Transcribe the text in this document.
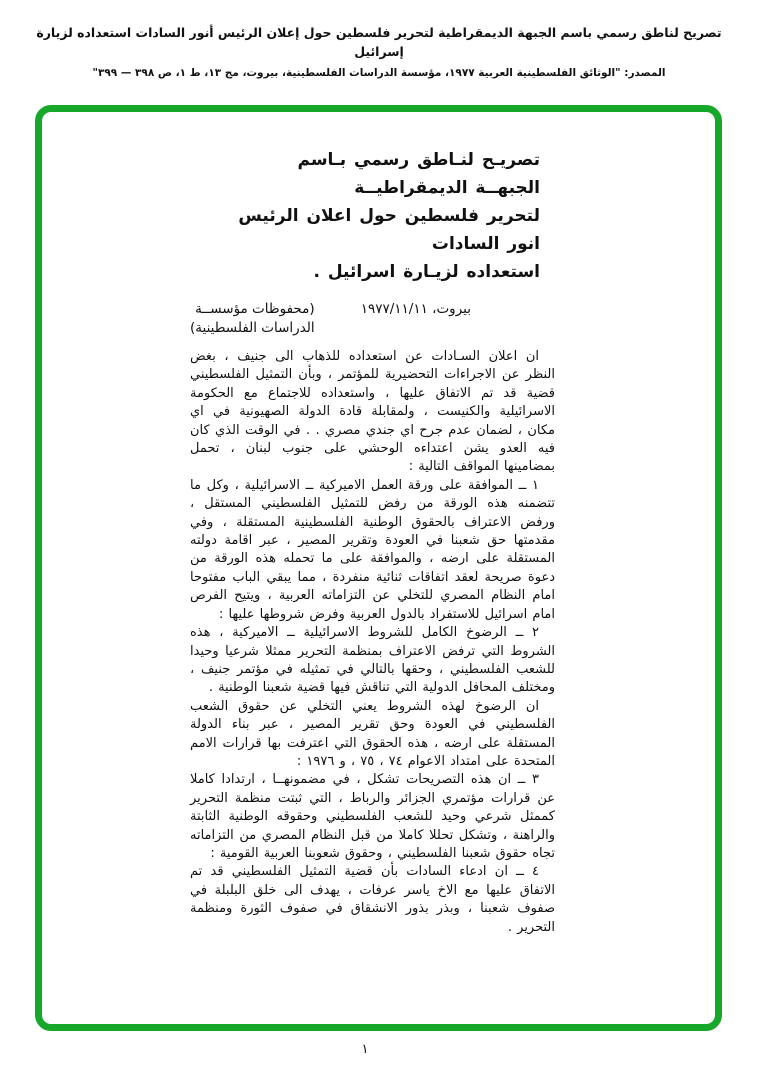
تصريح لناطق رسمي باسم الجبهة الديمقراطية لتحرير فلسطين حول إعلان الرئيس أنور السادات استعداده لزيارة إسرائيل
المصدر: "الوثائق الفلسطينية العربية ١٩٧٧، مؤسسة الدراسات الفلسطينية، بيروت، مج ١٣، ط ١، ص ٣٩٨ — ٣٩٩"
تصريـح لنـاطق رسمي بـاسم الجبهــة الديمقراطيــة
لتحرير فلسطين حول اعلان الرئيس انور السادات
استعداده لزيـارة اسرائيل .
بيروت، ١٩٧٧/١١/١١
(محفوظات مؤسســة
الدراسات الفلسطينية)

ان اعلان السـادات عن استعداده للذهاب الى جنيف ، بغض النظر عن الاجراءات التحضيرية للمؤتمر ، وبأن التمثيل الفلسطيني قضية قد تم الاتفاق عليها ، واستعداده للاجتماع مع الحكومة الاسرائيلية والكنيست ، ولمقابلة قادة الدولة الصهيونية في اي مكان ، لضمان عدم جرح اي جندي مصري . . في الوقت الذي كان فيه العدو يشن اعتداءه الوحشي على جنوب لبنان ، تحمل بمضامينها المواقف التالية :

١ ــ الموافقة على ورقة العمل الاميركية ــ الاسرائيلية ، وكل ما تتضمنه هذه الورقة من رفض للتمثيل الفلسطيني المستقل ، ورفض الاعتراف بالحقوق الوطنية الفلسطينية المستقلة ، وفي مقدمتها حق شعبنا في العودة وتقرير المصير ، عبر اقامة دولته المستقلة على ارضه ، والموافقة على ما تحمله هذه الورقة من دعوة صريحة لعقد اتفاقات ثنائية منفردة ، مما يبقي الباب مفتوحا امام النظام المصري للتخلي عن التزاماته العربية ، ويتيح الفرص امام اسرائيل للاستفراد بالدول العربية وفرض شروطها عليها :

٢ ــ الرضوخ الكامل للشروط الاسرائيلية ــ الاميركية ، هذه الشروط التي ترفض الاعتراف بمنظمة التحرير ممثلا شرعيا وحيدا للشعب الفلسطيني ، وحقها بالتالي في تمثيله في مؤتمر جنيف ، ومختلف المحافل الدولية التي تناقش فيها قضية شعبنا الوطنية .

ان الرضوخ لهذه الشروط يعني التخلي عن حقوق الشعب الفلسطيني في العودة وحق تقرير المصير ، عبر بناء الدولة المستقلة على ارضه ، هذه الحقوق التي اعترفت بها قرارات الامم المتحدة على امتداد الاعوام ٧٤ ، ٧٥ ، و ١٩٧٦ :

٣ ــ ان هذه التصريحات تشكل ، في مضمونهــا ، ارتدادا كاملا عن قرارات مؤتمري الجزائر والرباط ، التي ثبتت منظمة التحرير كممثل شرعي وحيد للشعب الفلسطيني وحقوقه الوطنية الثابتة والراهنة ، وتشكل تحللا كاملا من قبل النظام المصري من التزاماته تجاه حقوق شعبنا الفلسطيني ، وحقوق شعوبنا العربية القومية :

٤ ــ ان ادعاء السادات بأن قضية التمثيل الفلسطيني قد تم الاتفاق عليها مع الاخ ياسر عرفات ، يهدف الى خلق البلبلة في صفوف شعبنا ، وبذر بذور الانشقاق في صفوف الثورة ومنظمة التحرير .

١
